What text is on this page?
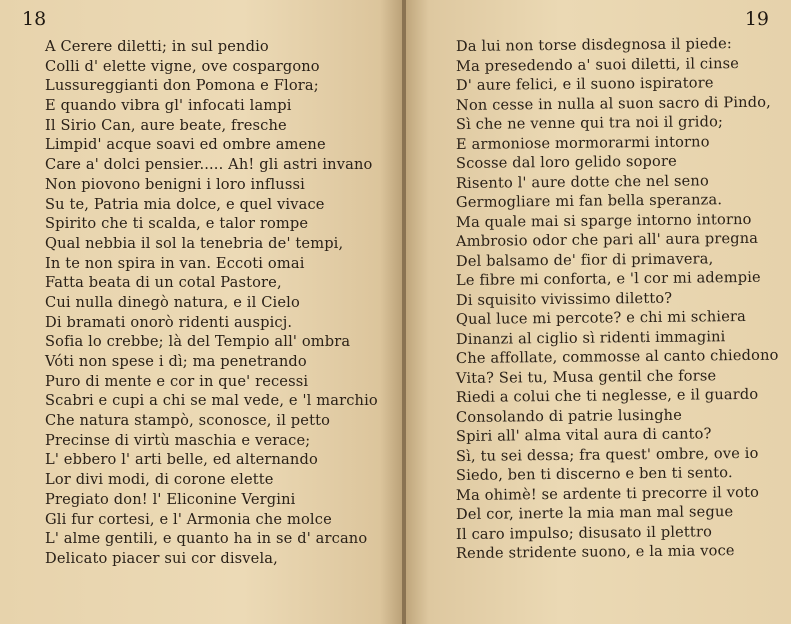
18
A Cerere diletti; in sul pendio
Colli d' elette vigne, ove cospargono
Lussureggianti don Pomona e Flora;
E quando vibra gl' infocati lampi
Il Sirio Can, aure beate, fresche
Limpid' acque soavi ed ombre amene
Care a' dolci pensier..... Ah! gli astri invano
Non piovono benigni i loro influssi
Su te, Patria mia dolce, e quel vivace
Spirito che ti scalda, e talor rompe
Qual nebbia il sol la tenebria de' tempi,
In te non spira in van. Eccoti omai
Fatta beata di un cotal Pastore,
Cui nulla dinegò natura, e il Cielo
Di bramati onorò ridenti auspicj.
Sofia lo crebbe; là del Tempio all' ombra
Vóti non spese i dì; ma penetrando
Puro di mente e cor in que' recessi
Scabri e cupi a chi se mal vede, e 'l marchio
Che natura stampò, sconosce, il petto
Precinse di virtù maschia e verace;
L' ebbero l' arti belle, ed alternando
Lor divi modi, di corone elette
Pregiato don! l' Eliconine Vergini
Gli fur cortesi, e l' Armonia che molce
L' alme gentili, e quanto ha in se d' arcano
Delicato piacer sui cor disvela,
19
Da lui non torse disdegnosa il piede:
Ma presedendo a' suoi diletti, il cinse
D' aure felici, e il suono ispiratore
Non cesse in nulla al suon sacro di Pindo,
Sì che ne venne qui tra noi il grido;
E armoniose mormorarmi intorno
Scosse dal loro gelido sopore
Risento l' aure dotte che nel seno
Germogliare mi fan bella speranza.
Ma quale mai si sparge intorno intorno
Ambrosio odor che pari all' aura pregna
Del balsamo de' fior di primavera,
Le fibre mi conforta, e 'l cor mi adempie
Di squisito vivissimo diletto?
Qual luce mi percote? e chi mi schiera
Dinanzi al ciglio sì ridenti immagini
Che affollate, commosse al canto chiedono
Vita? Sei tu, Musa gentil che forse
Riedi a colui che ti neglesse, e il guardo
Consolando di patrie lusinghe
Spiri all' alma vital aura di canto?
Sì, tu sei dessa; fra quest' ombre, ove io
Siedo, ben ti discerno e ben ti sento.
Ma ohimè! se ardente ti precorre il voto
Del cor, inerte la mia man mal segue
Il caro impulso; disusato il plettro
Rende stridente suono, e la mia voce
